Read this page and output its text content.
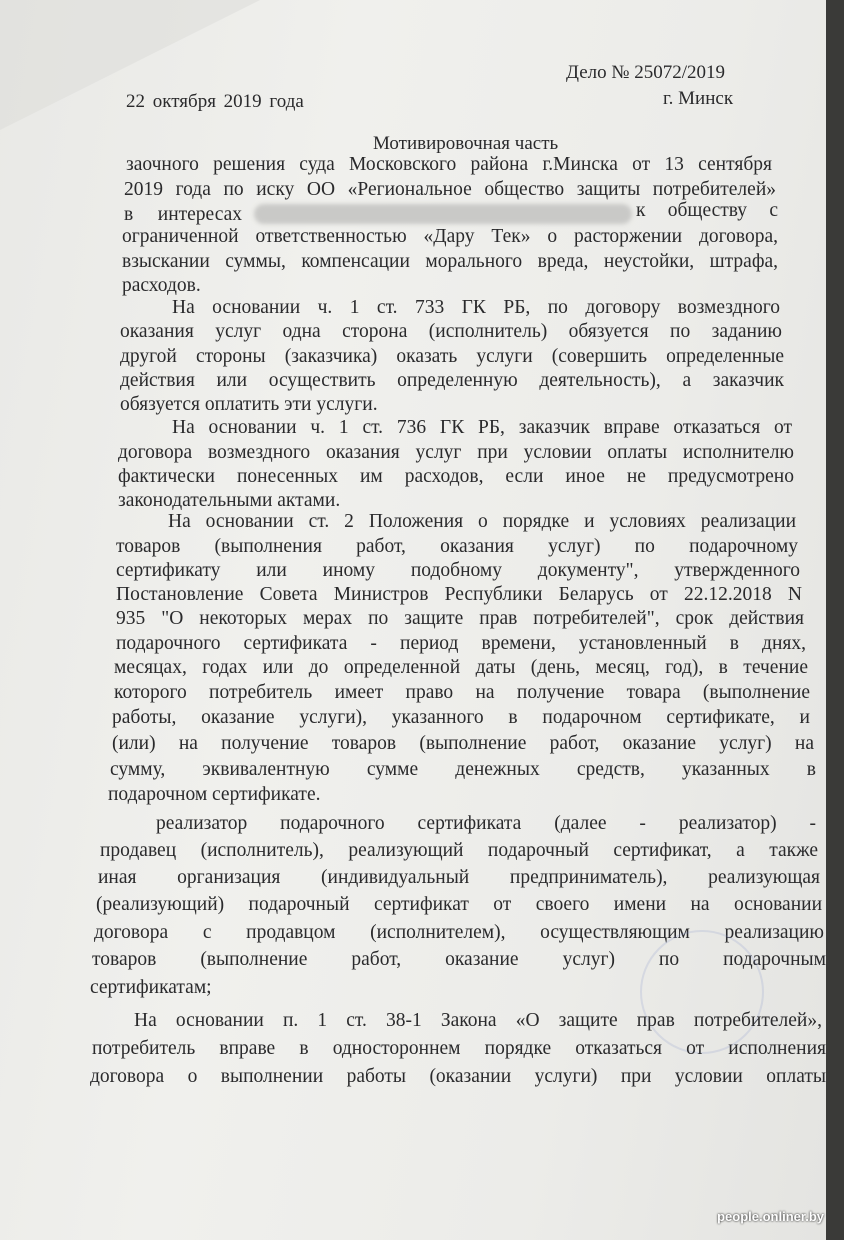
Дело № 25072/2019
г. Минск
22 октября 2019 года
Мотивировочная часть
заочного решения суда Московского района г.Минска от 13 сентября
2019 года по иску ОО «Региональное общество защиты потребителей»
в интересах	к обществу с
ограниченной ответственностью «Дару Тек» о расторжении договора,
взыскании суммы, компенсации морального вреда, неустойки, штрафа,
расходов.
На основании ч. 1 ст. 733 ГК РБ, по договору возмездного
оказания услуг одна сторона (исполнитель) обязуется по заданию
другой стороны (заказчика) оказать услуги (совершить определенные
действия или осуществить определенную деятельность), а заказчик
обязуется оплатить эти услуги.
На основании ч. 1 ст. 736 ГК РБ, заказчик вправе отказаться от
договора возмездного оказания услуг при условии оплаты исполнителю
фактически понесенных им расходов, если иное не предусмотрено
законодательными актами.
На основании ст. 2 Положения о порядке и условиях реализации
товаров (выполнения работ, оказания услуг) по подарочному
сертификату или иному подобному документу", утвержденного
Постановление Совета Министров Республики Беларусь от 22.12.2018 N
935 "О некоторых мерах по защите прав потребителей", срок действия
подарочного сертификата - период времени, установленный в днях,
месяцах, годах или до определенной даты (день, месяц, год), в течение
которого потребитель имеет право на получение товара (выполнение
работы, оказание услуги), указанного в подарочном сертификате, и
(или) на получение товаров (выполнение работ, оказание услуг) на
сумму, эквивалентную сумме денежных средств, указанных в
подарочном сертификате.
реализатор подарочного сертификата (далее - реализатор) -
продавец (исполнитель), реализующий подарочный сертификат, а также
иная организация (индивидуальный предприниматель), реализующая
(реализующий) подарочный сертификат от своего имени на основании
договора с продавцом (исполнителем), осуществляющим реализацию
товаров (выполнение работ, оказание услуг) по подарочным
сертификатам;
На основании п. 1 ст. 38-1 Закона «О защите прав потребителей»,
потребитель вправе в одностороннем порядке отказаться от исполнения
договора о выполнении работы (оказании услуги) при условии оплаты
people.onliner.by
